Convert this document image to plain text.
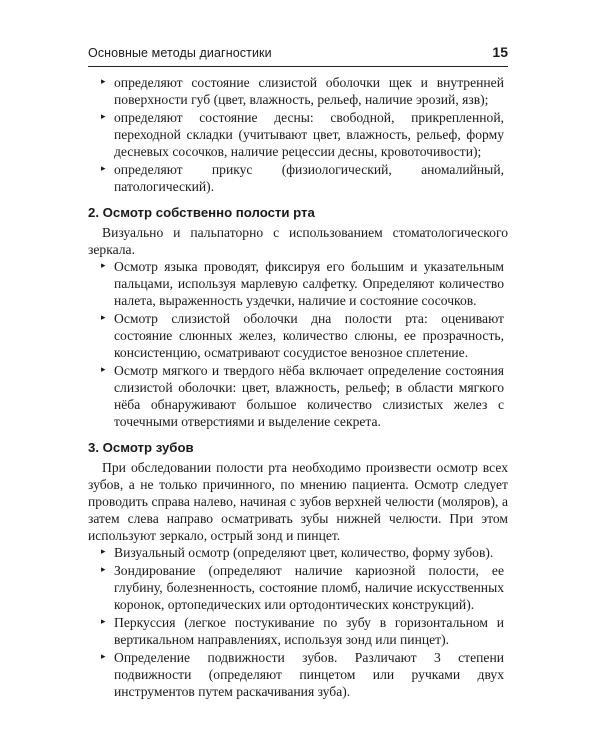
Основные методы диагностики	15
▸ определяют состояние слизистой оболочки щек и внутренней поверхности губ (цвет, влажность, рельеф, наличие эрозий, язв);
▸ определяют состояние десны: свободной, прикрепленной, переходной складки (учитывают цвет, влажность, рельеф, форму десневых сосочков, наличие рецессии десны, кровоточивости);
▸ определяют прикус (физиологический, аномалийный, патологический).
2. Осмотр собственно полости рта

Визуально и пальпаторно с использованием стоматологического зеркала.

▸ Осмотр языка проводят, фиксируя его большим и указательным пальцами, используя марлевую салфетку. Определяют количество налета, выраженность уздечки, наличие и состояние сосочков.
▸ Осмотр слизистой оболочки дна полости рта: оценивают состояние слюнных желез, количество слюны, ее прозрачность, консистенцию, осматривают сосудистое венозное сплетение.
▸ Осмотр мягкого и твердого нёба включает определение состояния слизистой оболочки: цвет, влажность, рельеф; в области мягкого нёба обнаруживают большое количество слизистых желез с точечными отверстиями и выделение секрета.
3. Осмотр зубов

При обследовании полости рта необходимо произвести осмотр всех зубов, а не только причинного, по мнению пациента. Осмотр следует проводить справа налево, начиная с зубов верхней челюсти (моляров), а затем слева направо осматривать зубы нижней челюсти. При этом используют зеркало, острый зонд и пинцет.

▸ Визуальный осмотр (определяют цвет, количество, форму зубов).
▸ Зондирование (определяют наличие кариозной полости, ее глубину, болезненность, состояние пломб, наличие искусственных коронок, ортопедических или ортодонтических конструкций).
▸ Перкуссия (легкое постукивание по зубу в горизонтальном и вертикальном направлениях, используя зонд или пинцет).
▸ Определение подвижности зубов. Различают 3 степени подвижности (определяют пинцетом или ручками двух инструментов путем раскачивания зуба).
